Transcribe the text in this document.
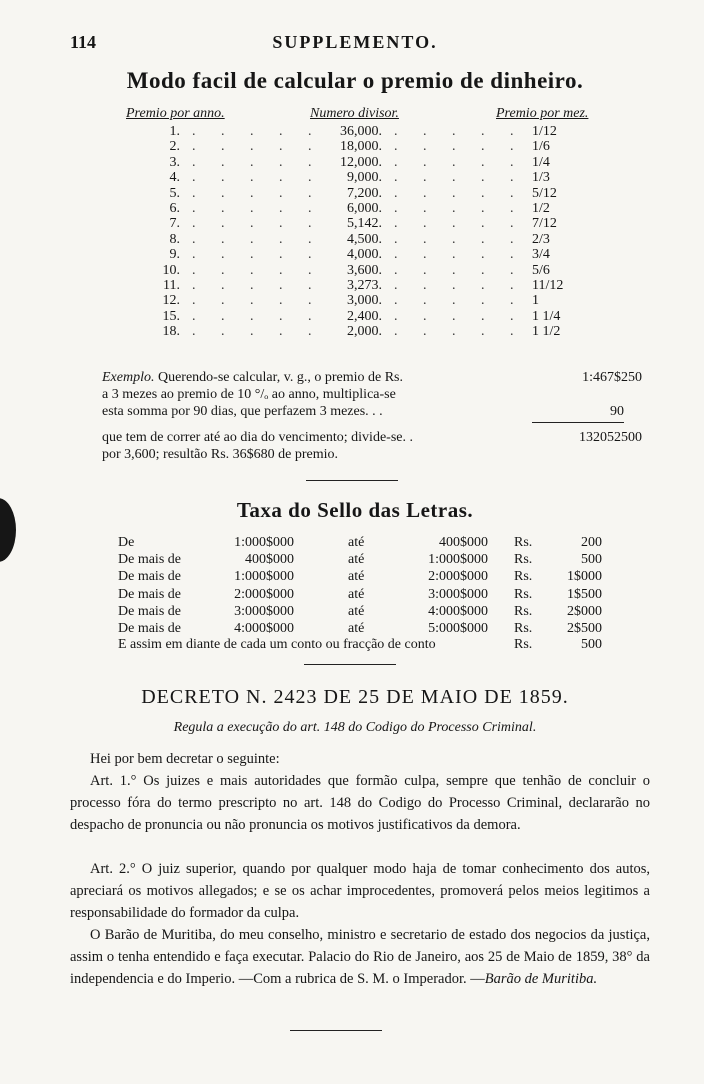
114	SUPPLEMENTO.
Modo facil de calcular o premio de dinheiro.
Premio por anno.	Numero divisor.	Premio por mez.
1. . . . . .	36,000. . . . . . 1/12
2. . . . . .	18,000. . . . . . 1/6
3. . . . . .	12,000. . . . . . 1/4
4. . . . . .	9,000. . . . . . 1/3
5. . . . . .	7,200. . . . . . 5/12
6. . . . . .	6,000. . . . . . 1/2
7. . . . . .	5,142. . . . . . 7/12
8. . . . . .	4,500. . . . . . 2/3
9. . . . . .	4,000. . . . . . 3/4
10. . . . . .	3,600. . . . . . 5/6
11. . . . . .	3,273. . . . . . 11/12
12. . . . . .	3,000. . . . . . 1
15. . . . . .	2,400. . . . . . 1 1/4
18. . . . . .	2,000. . . . . . 1 1/2
Exemplo. Querendo-se calcular, v. g., o premio de Rs.	1:467$250
a 3 mezes ao premio de 10 °/ₒ ao anno, multiplica-se
esta somma por 90 dias, que perfazem 3 mezes. . .	90
que tem de correr até ao dia do vencimento; divide-se. .	132052500
por 3,600; resultão Rs. 36$680 de premio.
Taxa do Sello das Letras.
De	1:000$000	até	400$000 Rs.	200
De mais de	400$000	até	1:000$000 Rs.	500
De mais de	1:000$000	até	2:000$000 Rs.	1$000
De mais de	2:000$000	até	3:000$000 Rs.	1$500
De mais de	3:000$000	até	4:000$000 Rs.	2$000
De mais de	4:000$000	até	5:000$000 Rs.	2$500
E assim em diante de cada um conto ou fracção de conto	Rs.	500
DECRETO N. 2423 DE 25 DE MAIO DE 1859.
Regula a execução do art. 148 do Codigo do Processo Criminal.
Hei por bem decretar o seguinte:
Art. 1.° Os juizes e mais autoridades que formão culpa, sempre que tenhão de concluir o processo fóra do termo prescripto no art. 148 do Codigo do Processo Criminal, declararão no despacho de pronuncia ou não pronuncia os motivos justificativos da demora.
Art. 2.° O juiz superior, quando por qualquer modo haja de tomar conhecimento dos autos, apreciará os motivos allegados; e se os achar improcedentes, promoverá pelos meios legitimos a responsabilidade do formador da culpa.
O Barão de Muritiba, do meu conselho, ministro e secretario de estado dos negocios da justiça, assim o tenha entendido e faça executar. Palacio do Rio de Janeiro, aos 25 de Maio de 1859, 38° da independencia e do Imperio. —Com a rubrica de S. M. o Imperador. —Barão de Muritiba.
